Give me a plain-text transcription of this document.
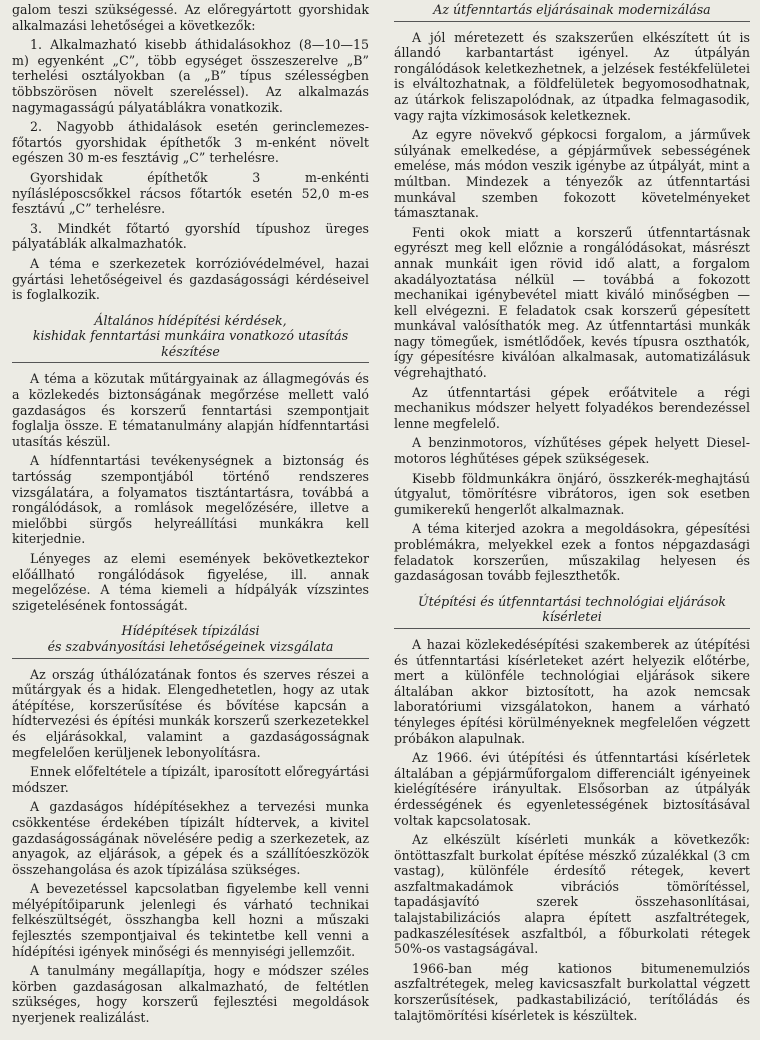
galom teszi szükségessé. Az előregyártott gyorshidak alkalmazási lehetőségei a következők:

1. Alkalmazható kisebb áthidalásokhoz (8—10—15 m) egyenként „C”, több egységet összeszerelve „B” terhelési osztályokban (a „B” típus szélességben többszörösen növelt szereléssel). Az alkalmazás nagymagasságú pályatáblákra vonatkozik.

2. Nagyobb áthidalások esetén gerinclemezes-főtartós gyorshidak építhetők 3 m-enként növelt egészen 30 m-es fesztávig „C” terhelésre.

Gyorshidak építhetők 3 m-enkénti nyílásléposcsőkkel rácsos főtartók esetén 52,0 m-es fesztávú „C” terhelésre.

3. Mindkét főtartó gyorshíd típushoz üreges pályatáblák alkalmazhatók.

A téma e szerkezetek korrózióvédelmével, hazai gyártási lehetőségeivel és gazdaságossági kérdéseivel is foglalkozik.

Általános hídépítési kérdések,
kishidak fenntartási munkáira vonatkozó utasítás
készítése

A téma a közutak műtárgyainak az állagmegóvás és a közlekedés biztonságának megőrzése mellett való gazdaságos és korszerű fenntartási szempontjait foglalja össze. E tématanulmány alapján hídfenntartási utasítás készül.

A hídfenntartási tevékenységnek a biztonság és tartósság szempontjából történő rendszeres vizsgálatára, a folyamatos tisztántartásra, továbbá a rongálódások, a romlások megelőzésére, illetve a mielőbbi sürgős helyreállítási munkákra kell kiterjednie.

Lényeges az elemi események bekövetkeztekor előállható rongálódások figyelése, ill. annak megelőzése. A téma kiemeli a hídpályák vízszintes szigetelésének fontosságát.

Hídépítések típizálási
és szabványosítási lehetőségeinek vizsgálata

Az ország úthálózatának fontos és szerves részei a műtárgyak és a hidak. Elengedhetetlen, hogy az utak átépítése, korszerűsítése és bővítése kapcsán a hídtervezési és építési munkák korszerű szerkezetekkel és eljárásokkal, valamint a gazdaságosságnak megfelelően kerüljenek lebonyolításra.

Ennek előfeltétele a típizált, iparosított előregyártási módszer.

A gazdaságos hídépítésekhez a tervezési munka csökkentése érdekében típizált hídtervek, a kivitel gazdaságosságának növelésére pedig a szerkezetek, az anyagok, az eljárások, a gépek és a szállítóeszközök összehangolása és azok típizálása szükséges.

A bevezetéssel kapcsolatban figyelembe kell venni mélyépítőiparunk jelenlegi és várható technikai felkészültségét, összhangba kell hozni a műszaki fejlesztés szempontjaival és tekintetbe kell venni a hídépítési igények minőségi és mennyiségi jellemzőit.

A tanulmány megállapítja, hogy e módszer széles körben gazdaságosan alkalmazható, de feltétlen szükséges, hogy korszerű fejlesztési megoldások nyerjenek realizálást.

Az útfenntartás eljárásainak modernizálása

A jól méretezett és szakszerűen elkészített út is állandó karbantartást igényel. Az útpályán rongálódások keletkezhetnek, a jelzések festékfelületei is elváltozhatnak, a földfelületek begyomosodhatnak, az útárkok feliszapolódnak, az útpadka felmagasodik, vagy rajta vízkimosások keletkeznek.

Az egyre növekvő gépkocsi forgalom, a járművek súlyának emelkedése, a gépjárművek sebességének emelése, más módon veszik igénybe az útpályát, mint a múltban. Mindezek a tényezők az útfenntartási munkával szemben fokozott követelményeket támasztanak.

Fenti okok miatt a korszerű útfenntartásnak egyrészt meg kell előznie a rongálódásokat, másrészt annak munkáit igen rövid idő alatt, a forgalom akadályoztatása nélkül — továbbá a fokozott mechanikai igénybevétel miatt kiváló minőségben — kell elvégezni. E feladatok csak korszerű gépesített munkával valósíthatók meg. Az útfenntartási munkák nagy tömegűek, ismétlődőek, kevés típusra oszthatók, így gépesítésre kiválóan alkalmasak, automatizálásuk végrehajtható.

Az útfenntartási gépek erőátvitele a régi mechanikus módszer helyett folyadékos berendezéssel lenne megfelelő.

A benzinmotoros, vízhűtéses gépek helyett Diesel-motoros léghűtéses gépek szükségesek.

Kisebb földmunkákra önjáró, összkerék-meghajtású útgyalut, tömörítésre vibrátoros, igen sok esetben gumikerekű hengerlőt alkalmaznak.

A téma kiterjed azokra a megoldásokra, gépesítési problémákra, melyekkel ezek a fontos népgazdasági feladatok korszerűen, műszakilag helyesen és gazdaságosan tovább fejleszthetők.

Útépítési és útfenntartási technológiai eljárások
kísérletei

A hazai közlekedésépítési szakemberek az útépítési és útfenntartási kísérleteket azért helyezik előtérbe, mert a különféle technológiai eljárások sikere általában akkor biztosított, ha azok nemcsak laboratóriumi vizsgálatokon, hanem a várható tényleges építési körülményeknek megfelelően végzett próbákon alapulnak.

Az 1966. évi útépítési és útfenntartási kísérletek általában a gépjárműforgalom differenciált igényeinek kielégítésére irányultak. Elsősorban az útpályák érdességének és egyenletességének biztosításával voltak kapcsolatosak.

Az elkészült kísérleti munkák a következők: öntöttaszfalt burkolat építése mészkő zúzalékkal (3 cm vastag), különféle érdesítő rétegek, kevert aszfaltmakadámok vibrációs tömörítéssel, tapadásjavító szerek összehasonlításai, talajstabilizációs alapra épített aszfaltrétegek, padkaszélesítések aszfaltból, a főburkolati rétegek 50%-os vastagságával.

1966-ban még kationos bitumenemulziós aszfaltrétegek, meleg kavicsaszfalt burkolattal végzett korszerűsítések, padkastabilizáció, terítőládás és talajtömörítési kísérletek is készültek.
